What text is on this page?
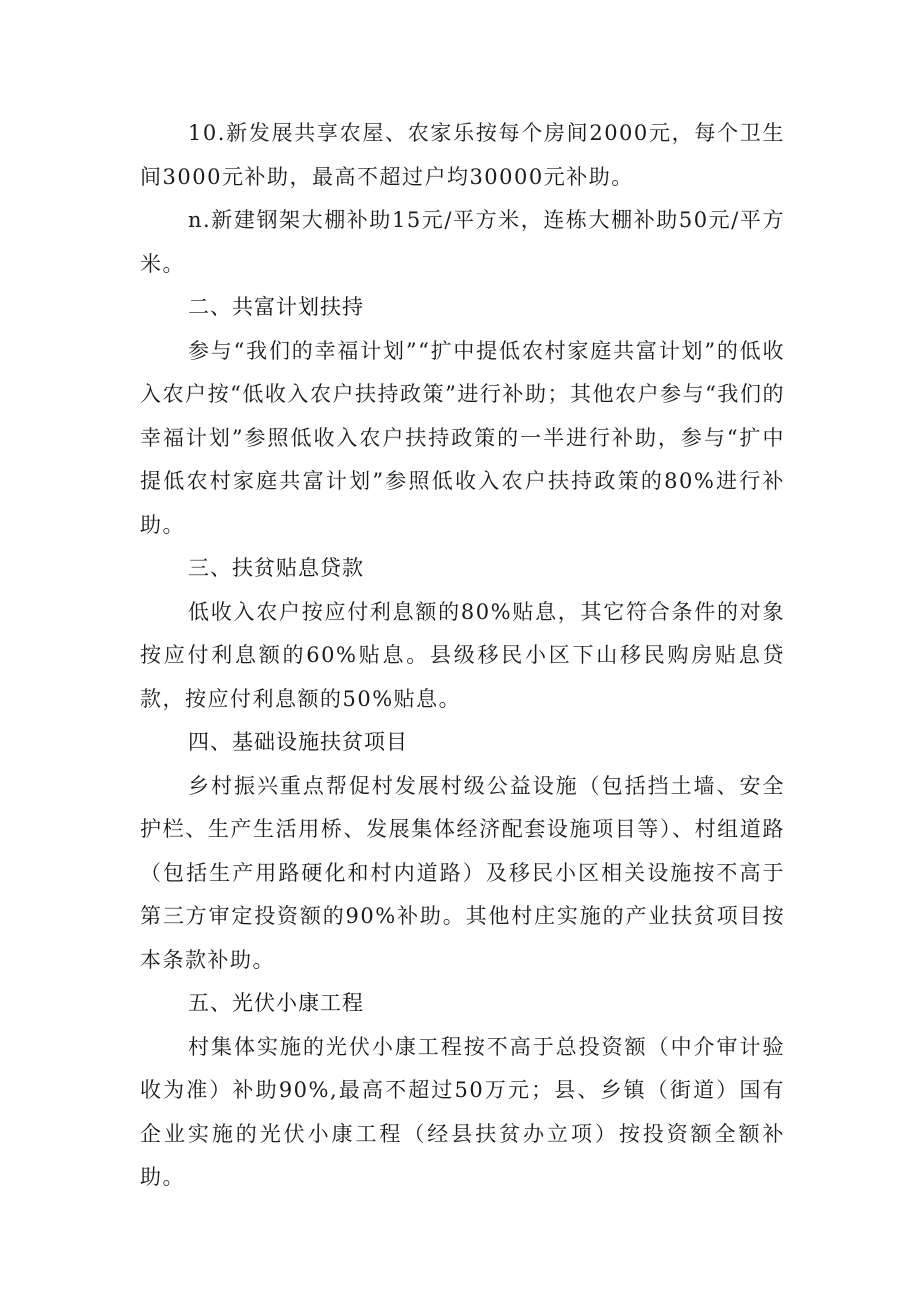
10.新发展共享农屋、农家乐按每个房间2000元，每个卫生间3000元补助，最高不超过户均30000元补助。

n.新建钢架大棚补助15元/平方米，连栋大棚补助50元/平方米。

二、共富计划扶持

参与“我们的幸福计划”“扩中提低农村家庭共富计划”的低收入农户按“低收入农户扶持政策”进行补助；其他农户参与“我们的幸福计划”参照低收入农户扶持政策的一半进行补助，参与“扩中提低农村家庭共富计划”参照低收入农户扶持政策的80%进行补助。

三、扶贫贴息贷款

低收入农户按应付利息额的80%贴息，其它符合条件的对象按应付利息额的60%贴息。县级移民小区下山移民购房贴息贷款，按应付利息额的50%贴息。

四、基础设施扶贫项目

乡村振兴重点帮促村发展村级公益设施（包括挡土墙、安全护栏、生产生活用桥、发展集体经济配套设施项目等）、村组道路（包括生产用路硬化和村内道路）及移民小区相关设施按不高于第三方审定投资额的90%补助。其他村庄实施的产业扶贫项目按本条款补助。

五、光伏小康工程

村集体实施的光伏小康工程按不高于总投资额（中介审计验收为准）补助90%,最高不超过50万元；县、乡镇（街道）国有企业实施的光伏小康工程（经县扶贫办立项）按投资额全额补助。
